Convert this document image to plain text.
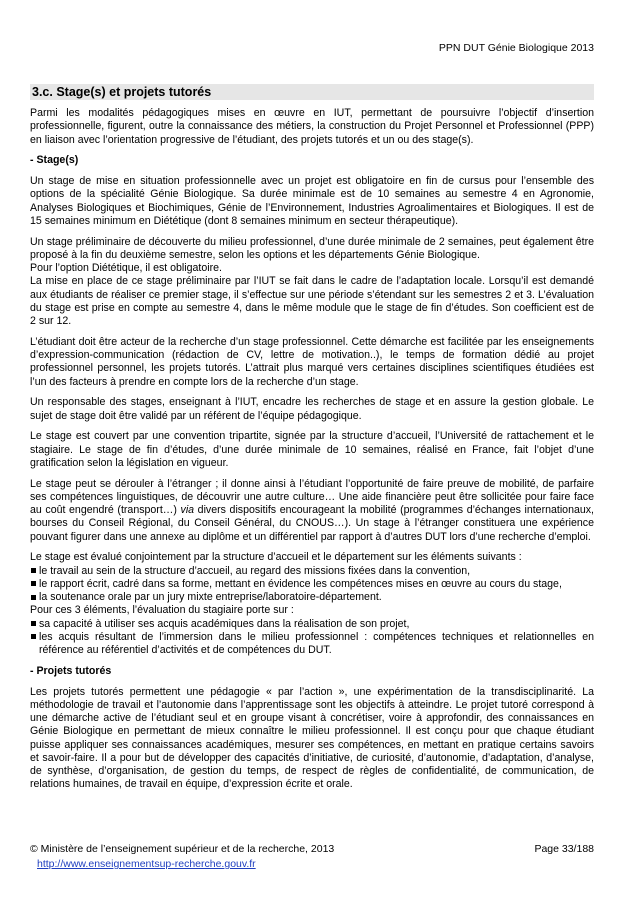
PPN DUT Génie Biologique 2013
3.c. Stage(s) et projets tutorés

Parmi les modalités pédagogiques mises en œuvre en IUT, permettant de poursuivre l’objectif d’insertion professionnelle, figurent, outre la connaissance des métiers, la construction du Projet Personnel et Professionnel (PPP) en liaison avec l’orientation progressive de l’étudiant, des projets tutorés et un ou des stage(s).

- Stage(s)

Un stage de mise en situation professionnelle avec un projet est obligatoire en fin de cursus pour l’ensemble des options de la spécialité Génie Biologique. Sa durée minimale est de 10 semaines au semestre 4 en Agronomie, Analyses Biologiques et Biochimiques, Génie de l’Environnement, Industries Agroalimentaires et Biologiques. Il est de 15 semaines minimum en Diététique (dont 8 semaines minimum en secteur thérapeutique).

Un stage préliminaire de découverte du milieu professionnel, d’une durée minimale de 2 semaines, peut également être proposé à la fin du deuxième semestre, selon les options et les départements Génie Biologique.

Pour l’option Diététique, il est obligatoire.

La mise en place de ce stage préliminaire par l’IUT se fait dans le cadre de l’adaptation locale. Lorsqu’il est demandé aux étudiants de réaliser ce premier stage, il s’effectue sur une période s’étendant sur les semestres 2 et 3. L’évaluation du stage est prise en compte au semestre 4, dans le même module que le stage de fin d’études. Son coefficient est de 2 sur 12.

L’étudiant doit être acteur de la recherche d’un stage professionnel. Cette démarche est facilitée par les enseignements d’expression-communication (rédaction de CV, lettre de motivation..), le temps de formation dédié au projet professionnel personnel, les projets tutorés. L’attrait plus marqué vers certaines disciplines scientifiques étudiées est l’un des facteurs à prendre en compte lors de la recherche d’un stage.

Un responsable des stages, enseignant à l’IUT, encadre les recherches de stage et en assure la gestion globale. Le sujet de stage doit être validé par un référent de l’équipe pédagogique.

Le stage est couvert par une convention tripartite, signée par la structure d’accueil, l’Université de rattachement et le stagiaire. Le stage de fin d’études, d’une durée minimale de 10 semaines, réalisé en France, fait l’objet d’une gratification selon la législation en vigueur.

Le stage peut se dérouler à l’étranger ; il donne ainsi à l’étudiant l’opportunité de faire preuve de mobilité, de parfaire ses compétences linguistiques, de découvrir une autre culture… Une aide financière peut être sollicitée pour faire face au coût engendré (transport…) via divers dispositifs encourageant la mobilité (programmes d’échanges internationaux, bourses du Conseil Régional, du Conseil Général, du CNOUS…). Un stage à l’étranger constituera une expérience pouvant figurer dans une annexe au diplôme et un différentiel par rapport à d’autres DUT lors d’une recherche d’emploi.

Le stage est évalué conjointement par la structure d’accueil et le département sur les éléments suivants :

le travail au sein de la structure d’accueil, au regard des missions fixées dans la convention,
le rapport écrit, cadré dans sa forme, mettant en évidence les compétences mises en œuvre au cours du stage,
la soutenance orale par un jury mixte entreprise/laboratoire-département.

Pour ces 3 éléments, l’évaluation du stagiaire porte sur :

sa capacité à utiliser ses acquis académiques dans la réalisation de son projet,
les acquis résultant de l’immersion dans le milieu professionnel : compétences techniques et relationnelles en référence au référentiel d’activités et de compétences du DUT.

- Projets tutorés

Les projets tutorés permettent une pédagogie « par l’action », une expérimentation de la transdisciplinarité. La méthodologie de travail et l’autonomie dans l’apprentissage sont les objectifs à atteindre. Le projet tutoré correspond à une démarche active de l’étudiant seul et en groupe visant à concrétiser, voire à approfondir, des connaissances en Génie Biologique en permettant de mieux connaître le milieu professionnel. Il est conçu pour que chaque étudiant puisse appliquer ses connaissances académiques, mesurer ses compétences, en mettant en pratique certains savoirs et savoir-faire. Il a pour but de développer des capacités d’initiative, de curiosité, d’autonomie, d’adaptation, d’analyse, de synthèse, d’organisation, de gestion du temps, de respect de règles de confidentialité, de communication, de relations humaines, de travail en équipe, d’expression écrite et orale.

© Ministère de l’enseignement supérieur et de la recherche, 2013	Page 33/188
http://www.enseignementsup-recherche.gouv.fr
